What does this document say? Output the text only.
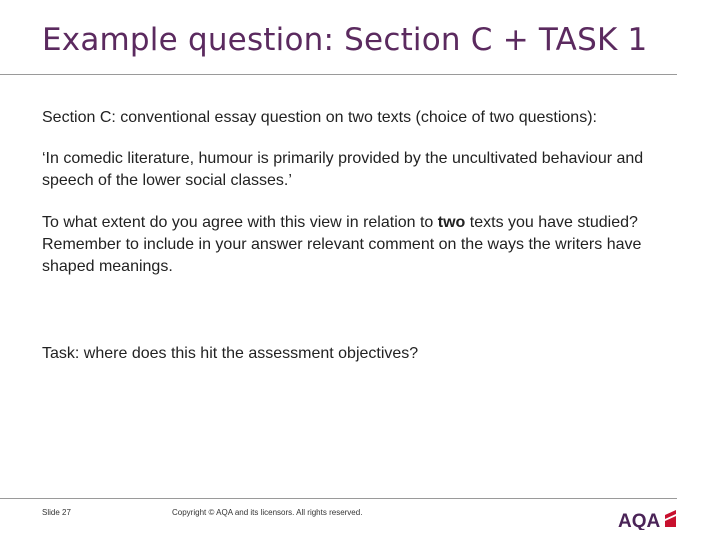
Example question: Section C + TASK 1
Section C: conventional essay question on two texts (choice of two questions):
‘In comedic literature, humour is primarily provided by the uncultivated behaviour and speech of the lower social classes.’
To what extent do you agree with this view in relation to two texts you have studied? Remember to include in your answer relevant comment on the ways the writers have shaped meanings.
Task: where does this hit the assessment objectives?
Slide 27	Copyright © AQA and its licensors. All rights reserved.	AQA
